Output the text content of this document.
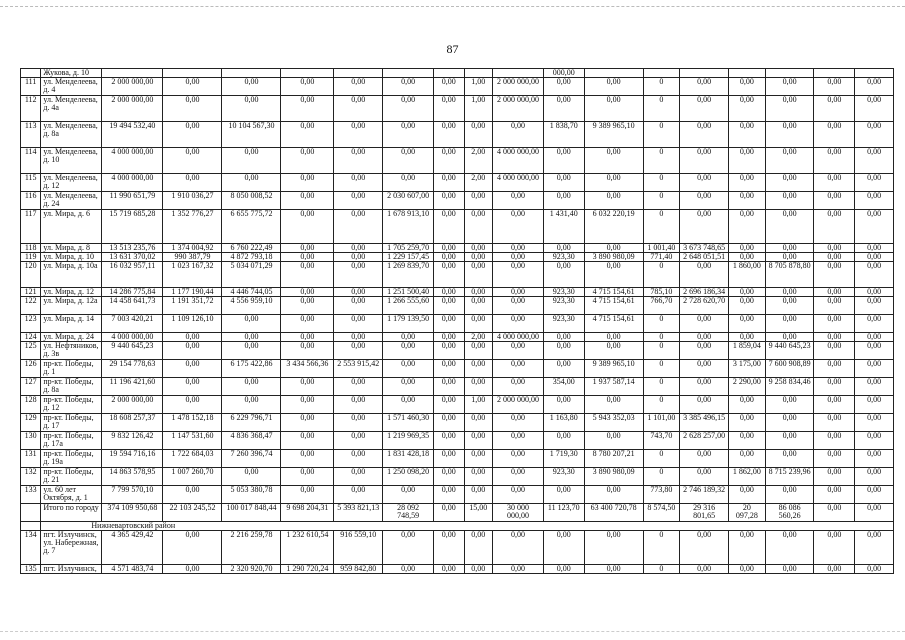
87
	Жуковa, д. 10										000,00							
111	ул. Менделеева, д. 4	2 000 000,00	0,00	0,00	0,00	0,00	0,00	0,00	1,00	2 000 000,00	0,00	0,00	0	0,00	0,00	0,00	0,00	0,00
112	ул. Менделеева, д. 4а	2 000 000,00	0,00	0,00	0,00	0,00	0,00	0,00	1,00	2 000 000,00	0,00	0,00	0	0,00	0,00	0,00	0,00	0,00
113	ул. Менделеева, д. 8а	19 494 532,40	0,00	10 104 567,30	0,00	0,00	0,00	0,00	0,00	0,00	1 838,70	9 389 965,10	0	0,00	0,00	0,00	0,00	0,00
114	ул. Менделеева, д. 10	4 000 000,00	0,00	0,00	0,00	0,00	0,00	0,00	2,00	4 000 000,00	0,00	0,00	0	0,00	0,00	0,00	0,00	0,00
115	ул. Менделеева, д. 12	4 000 000,00	0,00	0,00	0,00	0,00	0,00	0,00	2,00	4 000 000,00	0,00	0,00	0	0,00	0,00	0,00	0,00	0,00
116	ул. Менделеева, д. 24	11 990 651,79	1 910 036,27	8 050 008,52	0,00	0,00	2 030 607,00	0,00	0,00	0,00	0,00	0,00	0	0,00	0,00	0,00	0,00	0,00
117	ул. Мира, д. 6	15 719 685,28	1 352 776,27	6 655 775,72	0,00	0,00	1 678 913,10	0,00	0,00	0,00	1 431,40	6 032 220,19	0	0,00	0,00	0,00	0,00	0,00
118	ул. Мира, д. 8	13 513 235,76	1 374 004,92	6 760 222,49	0,00	0,00	1 705 259,70	0,00	0,00	0,00	0,00	0,00	1 001,40	3 673 748,65	0,00	0,00	0,00	0,00
119	ул. Мира, д. 10	13 631 370,02	990 387,79	4 872 793,18	0,00	0,00	1 229 157,45	0,00	0,00	0,00	923,30	3 890 980,09	771,40	2 648 051,51	0,00	0,00	0,00	0,00
120	ул. Мира, д. 10а	16 032 957,11	1 023 167,32	5 034 071,29	0,00	0,00	1 269 839,70	0,00	0,00	0,00	0,00	0,00	0	0,00	1 860,00	8 705 878,80	0,00	0,00
121	ул. Мира, д. 12	14 286 775,84	1 177 190,44	4 446 744,05	0,00	0,00	1 251 500,40	0,00	0,00	0,00	923,30	4 715 154,61	785,10	2 696 186,34	0,00	0,00	0,00	0,00
122	ул. Мира, д. 12а	14 458 641,73	1 191 351,72	4 556 959,10	0,00	0,00	1 266 555,60	0,00	0,00	0,00	923,30	4 715 154,61	766,70	2 728 620,70	0,00	0,00	0,00	0,00
123	ул. Мира, д. 14	7 003 420,21	1 109 126,10	0,00	0,00	0,00	1 179 139,50	0,00	0,00	0,00	923,30	4 715 154,61	0	0,00	0,00	0,00	0,00	0,00
124	ул. Мира, д. 24	4 000 000,00	0,00	0,00	0,00	0,00	0,00	0,00	2,00	4 000 000,00	0,00	0,00	0	0,00	0,00	0,00	0,00	0,00
125	ул. Нефтяников, д. 3в	9 440 645,23	0,00	0,00	0,00	0,00	0,00	0,00	0,00	0,00	0,00	0,00	0	0,00	1 859,04	9 440 645,23	0,00	0,00
126	пр-кт. Победы, д. 1	29 154 778,63	0,00	6 175 422,86	3 434 566,36	2 553 915,42	0,00	0,00	0,00	0,00	0,00	9 389 965,10	0	0,00	3 175,00	7 600 908,89	0,00	0,00
127	пр-кт. Победы, д. 8а	11 196 421,60	0,00	0,00	0,00	0,00	0,00	0,00	0,00	0,00	354,00	1 937 587,14	0	0,00	2 290,00	9 258 834,46	0,00	0,00
128	пр-кт. Победы, д. 12	2 000 000,00	0,00	0,00	0,00	0,00	0,00	0,00	1,00	2 000 000,00	0,00	0,00	0	0,00	0,00	0,00	0,00	0,00
129	пр-кт. Победы, д. 17	18 608 257,37	1 478 152,18	6 229 796,71	0,00	0,00	1 571 460,30	0,00	0,00	0,00	1 163,80	5 943 352,03	1 101,00	3 385 496,15	0,00	0,00	0,00	0,00
130	пр-кт. Победы, д. 17а	9 832 126,42	1 147 531,60	4 836 368,47	0,00	0,00	1 219 969,35	0,00	0,00	0,00	0,00	0,00	743,70	2 628 257,00	0,00	0,00	0,00	0,00
131	пр-кт. Победы, д. 19а	19 594 716,16	1 722 684,03	7 260 396,74	0,00	0,00	1 831 428,18	0,00	0,00	0,00	1 719,30	8 780 207,21	0	0,00	0,00	0,00	0,00	0,00
132	пр-кт. Победы, д. 21	14 863 578,95	1 007 260,70	0,00	0,00	0,00	1 250 098,20	0,00	0,00	0,00	923,30	3 890 980,09	0	0,00	1 862,00	8 715 239,96	0,00	0,00
133	ул. 60 лет Октября, д. 1	7 799 570,10	0,00	5 053 380,78	0,00	0,00	0,00	0,00	0,00	0,00	0,00	0,00	773,80	2 746 189,32	0,00	0,00	0,00	0,00
	Итого по городу	374 109 950,68	22 103 245,52	100 017 848,44	9 698 204,31	5 393 821,13	28 092 748,59	0,00	15,00	30 000 000,00	11 123,70	63 400 720,78	8 574,50	29 316 801,65	20 097,28	86 086 560,26	0,00	0,00
	Нижневартовский район																	
134	пгт. Излучинск, ул. Набережная, д. 7	4 365 429,42	0,00	2 216 259,78	1 232 610,54	916 559,10	0,00	0,00	0,00	0,00	0,00	0,00	0	0,00	0,00	0,00	0,00	0,00
135	пгт. Излучинск,	4 571 483,74	0,00	2 320 920,70	1 290 720,24	959 842,80	0,00	0,00	0,00	0,00	0,00	0,00	0	0,00	0,00	0,00	0,00	0,00
